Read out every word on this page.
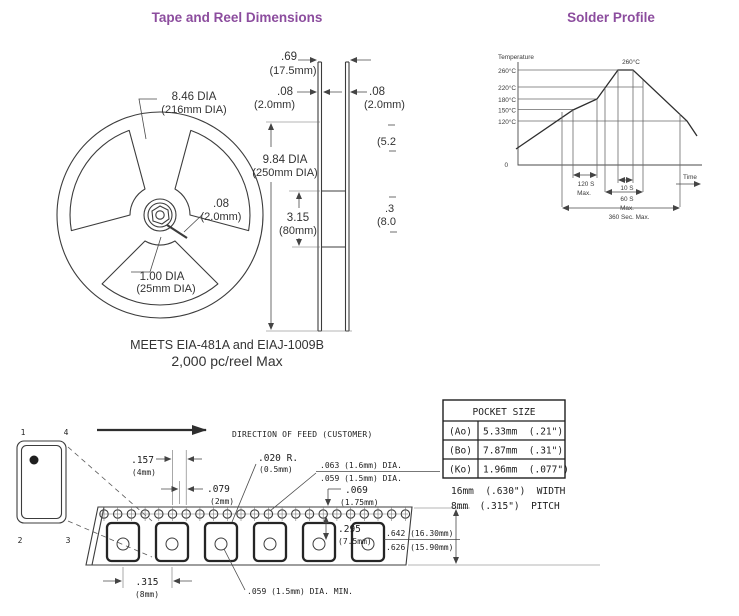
Tape and Reel Dimensions	Solder Profile
8.46 DIA
(216mm DIA)
.08
(2.0mm)
1.00 DIA
(25mm DIA)
MEETS EIA-481A and EIAJ-1009B
2,000 pc/reel Max
.69
(17.5mm)
.08
(2.0mm)
.08
(2.0mm)
9.84 DIA
(250mm DIA)
3.15
(80mm)
(5.2
.3
(8.0
Temperature
Time
260°C
220°C
180°C
150°C
120°C
0
260°C
120 S
Max.
10 S
60 S
Max.
360 Sec. Max.
DIRECTION OF FEED (CUSTOMER)
1	4
2	3
.157
(4mm)
.079
(2mm)
.020 R.
(0.5mm)	.063 (1.6mm) DIA.
.059 (1.5mm) DIA.
.069
(1.75mm)
.295
(7.5mm)
.642 (16.30mm)
.626 (15.90mm)
.315
(8mm)	.059 (1.5mm) DIA. MIN.
POCKET SIZE
(Ao) 5.33mm  (.21")
(Bo) 7.87mm  (.31")
(Ko) 1.96mm  (.077")
16mm  (.630")  WIDTH
8mm  (.315")  PITCH
